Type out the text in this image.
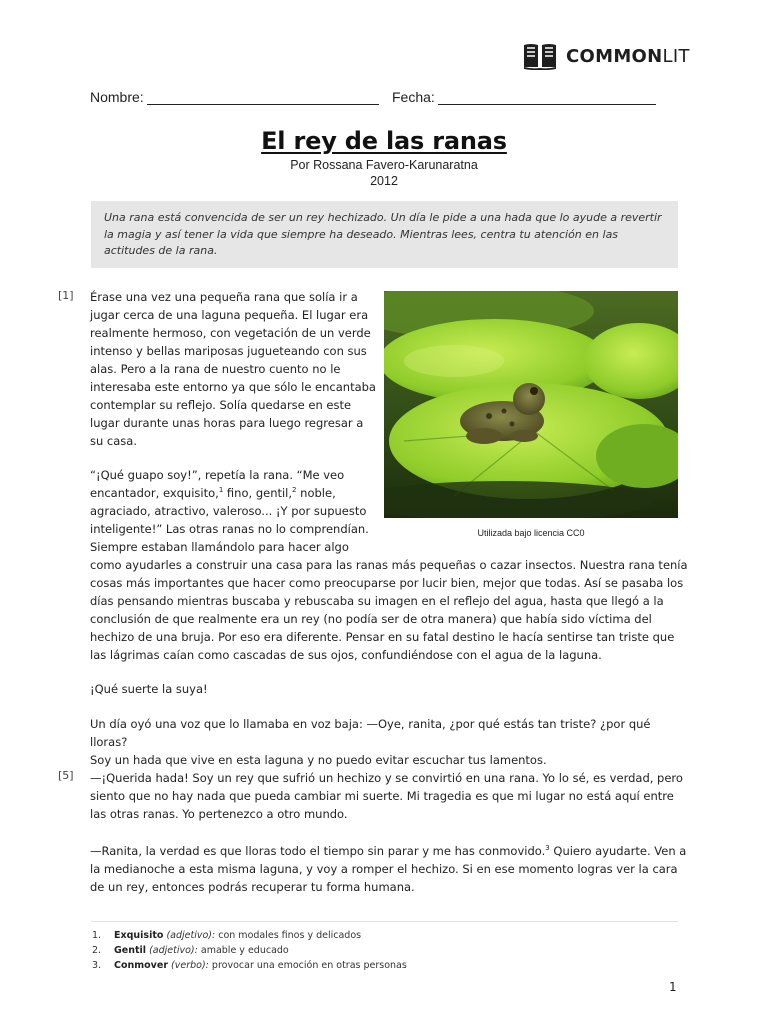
COMMONLIT
Nombre:	Fecha:
El rey de las ranas
Por Rossana Favero-Karunaratna
2012
Una rana está convencida de ser un rey hechizado. Un día le pide a una hada que lo ayude a revertir la magia y así tener la vida que siempre ha deseado. Mientras lees, centra tu atención en las actitudes de la rana.
[1]
[5]
Utilizada bajo licencia CC0

Érase una vez una pequeña rana que solía ir a

jugar cerca de una laguna pequeña. El lugar era

realmente hermoso, con vegetación de un verde

intenso y bellas mariposas jugueteando con sus

alas. Pero a la rana de nuestro cuento no le

interesaba este entorno ya que sólo le encantaba

contemplar su reflejo. Solía quedarse en este

lugar durante unas horas para luego regresar a

su casa.

“¡Qué guapo soy!”, repetía la rana. “Me veo

encantador, exquisito,$^1$ fino, gentil,$^2$ noble,

agraciado, atractivo, valeroso... ¡Y por supuesto

inteligente!” Las otras ranas no lo comprendían.

Siempre estaban llamándolo para hacer algo

como ayudarles a construir una casa para las ranas más pequeñas o cazar insectos. Nuestra rana tenía

cosas más importantes que hacer como preocuparse por lucir bien, mejor que todas. Así se pasaba los

días pensando mientras buscaba y rebuscaba su imagen en el reflejo del agua, hasta que llegó a la

conclusión de que realmente era un rey (no podía ser de otra manera) que había sido víctima del

hechizo de una bruja. Por eso era diferente. Pensar en su fatal destino le hacía sentirse tan triste que

las lágrimas caían como cascadas de sus ojos, confundiéndose con el agua de la laguna.

¡Qué suerte la suya!

Un día oyó una voz que lo llamaba en voz baja: —Oye, ranita, ¿por qué estás tan triste? ¿por qué lloras?

Soy un hada que vive en esta laguna y no puedo evitar escuchar tus lamentos.

—¡Querida hada! Soy un rey que sufrió un hechizo y se convirtió en una rana. Yo lo sé, es verdad, pero

siento que no hay nada que pueda cambiar mi suerte. Mi tragedia es que mi lugar no está aquí entre

las otras ranas. Yo pertenezco a otro mundo.

—Ranita, la verdad es que lloras todo el tiempo sin parar y me has conmovido.$^3$ Quiero ayudarte. Ven a

la medianoche a esta misma laguna, y voy a romper el hechizo. Si en ese momento logras ver la cara

de un rey, entonces podrás recuperar tu forma humana.

1.	Exquisito (adjetivo): con modales finos y delicados
2.	Gentil (adjetivo): amable y educado
3.	Conmover (verbo): provocar una emoción en otras personas
1
